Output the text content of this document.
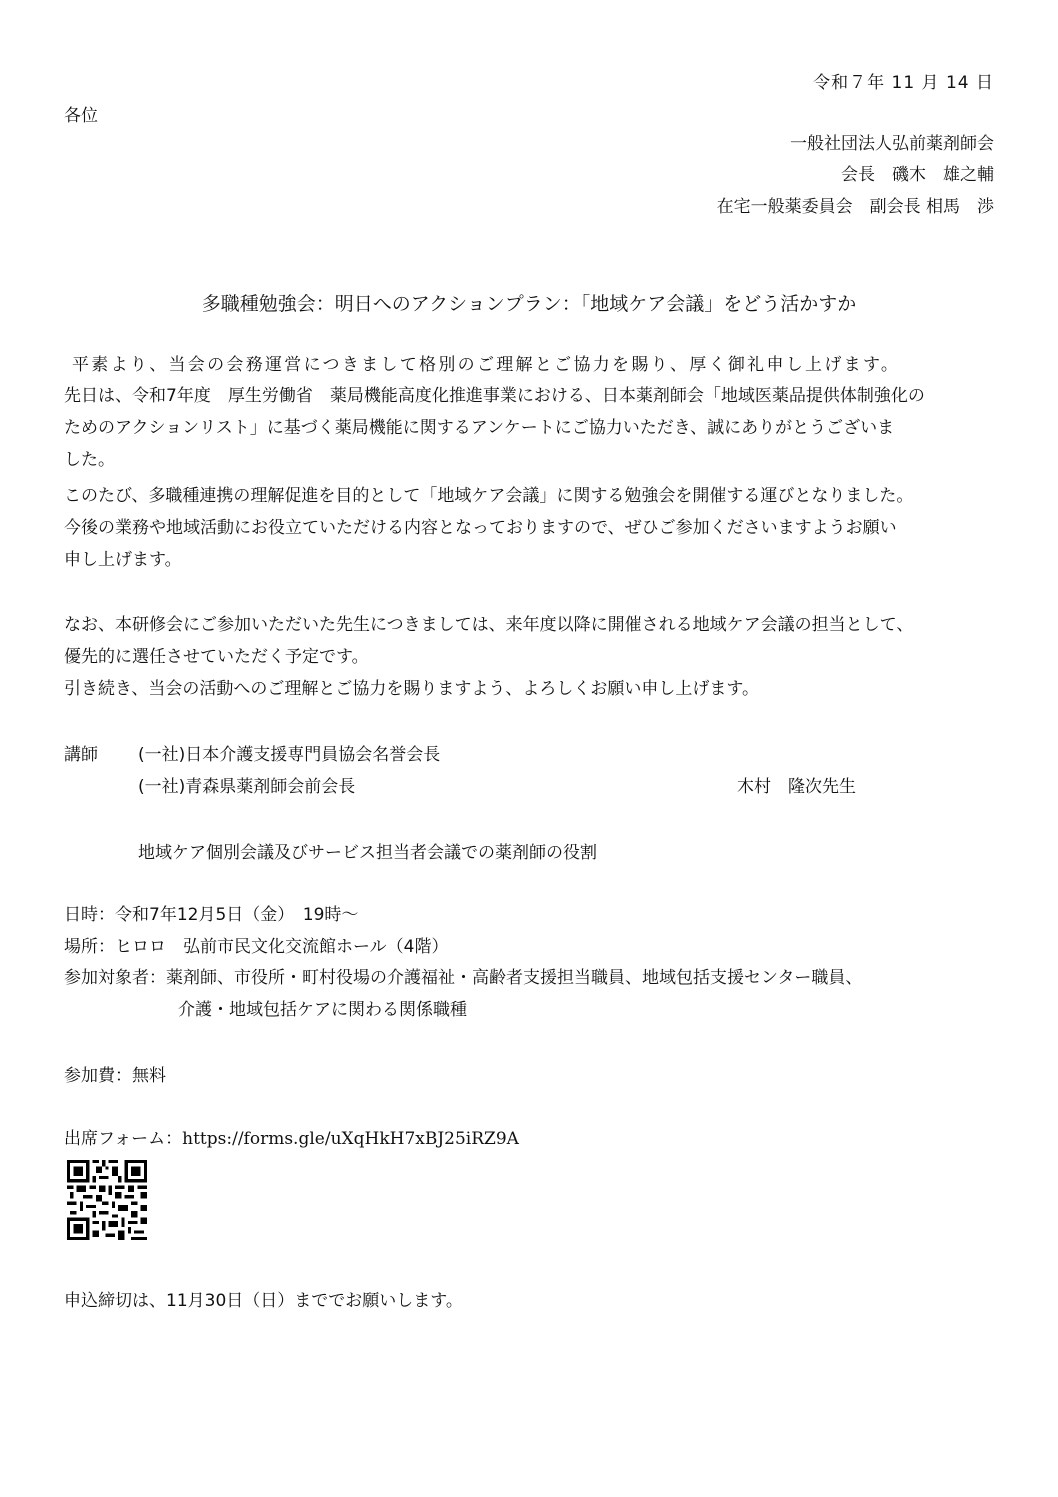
令和７年 11 月 14 日
各位
一般社団法人弘前薬剤師会
会長　磯木　雄之輔
在宅一般薬委員会　副会長 相馬　渉
多職種勉強会：明日へのアクションプラン：「地域ケア会議」をどう活かすか
平素より、当会の会務運営につきまして格別のご理解とご協力を賜り、厚く御礼申し上げます。
先日は、令和7年度　厚生労働省　薬局機能高度化推進事業における、日本薬剤師会「地域医薬品提供体制強化の
ためのアクションリスト」に基づく薬局機能に関するアンケートにご協力いただき、誠にありがとうございま
した。
このたび、多職種連携の理解促進を目的として「地域ケア会議」に関する勉強会を開催する運びとなりました。
今後の業務や地域活動にお役立ていただける内容となっておりますので、ぜひご参加くださいますようお願い
申し上げます。
なお、本研修会にご参加いただいた先生につきましては、来年度以降に開催される地域ケア会議の担当として、
優先的に選任させていただく予定です。
引き続き、当会の活動へのご理解とご協力を賜りますよう、よろしくお願い申し上げます。
講師 (一社)日本介護支援専門員協会名誉会長
(一社)青森県薬剤師会前会長	木村　隆次先生
地域ケア個別会議及びサービス担当者会議での薬剤師の役割
日時：令和7年12月5日（金）　19時～
場所：ヒロロ　弘前市民文化交流館ホール（4階）
参加対象者：薬剤師、市役所・町村役場の介護福祉・高齢者支援担当職員、地域包括支援センター職員、
介護・地域包括ケアに関わる関係職種
参加費：無料
出席フォーム：https://forms.gle/uXqHkH7xBJ25iRZ9A
申込締切は、11月30日（日）まででお願いします。
